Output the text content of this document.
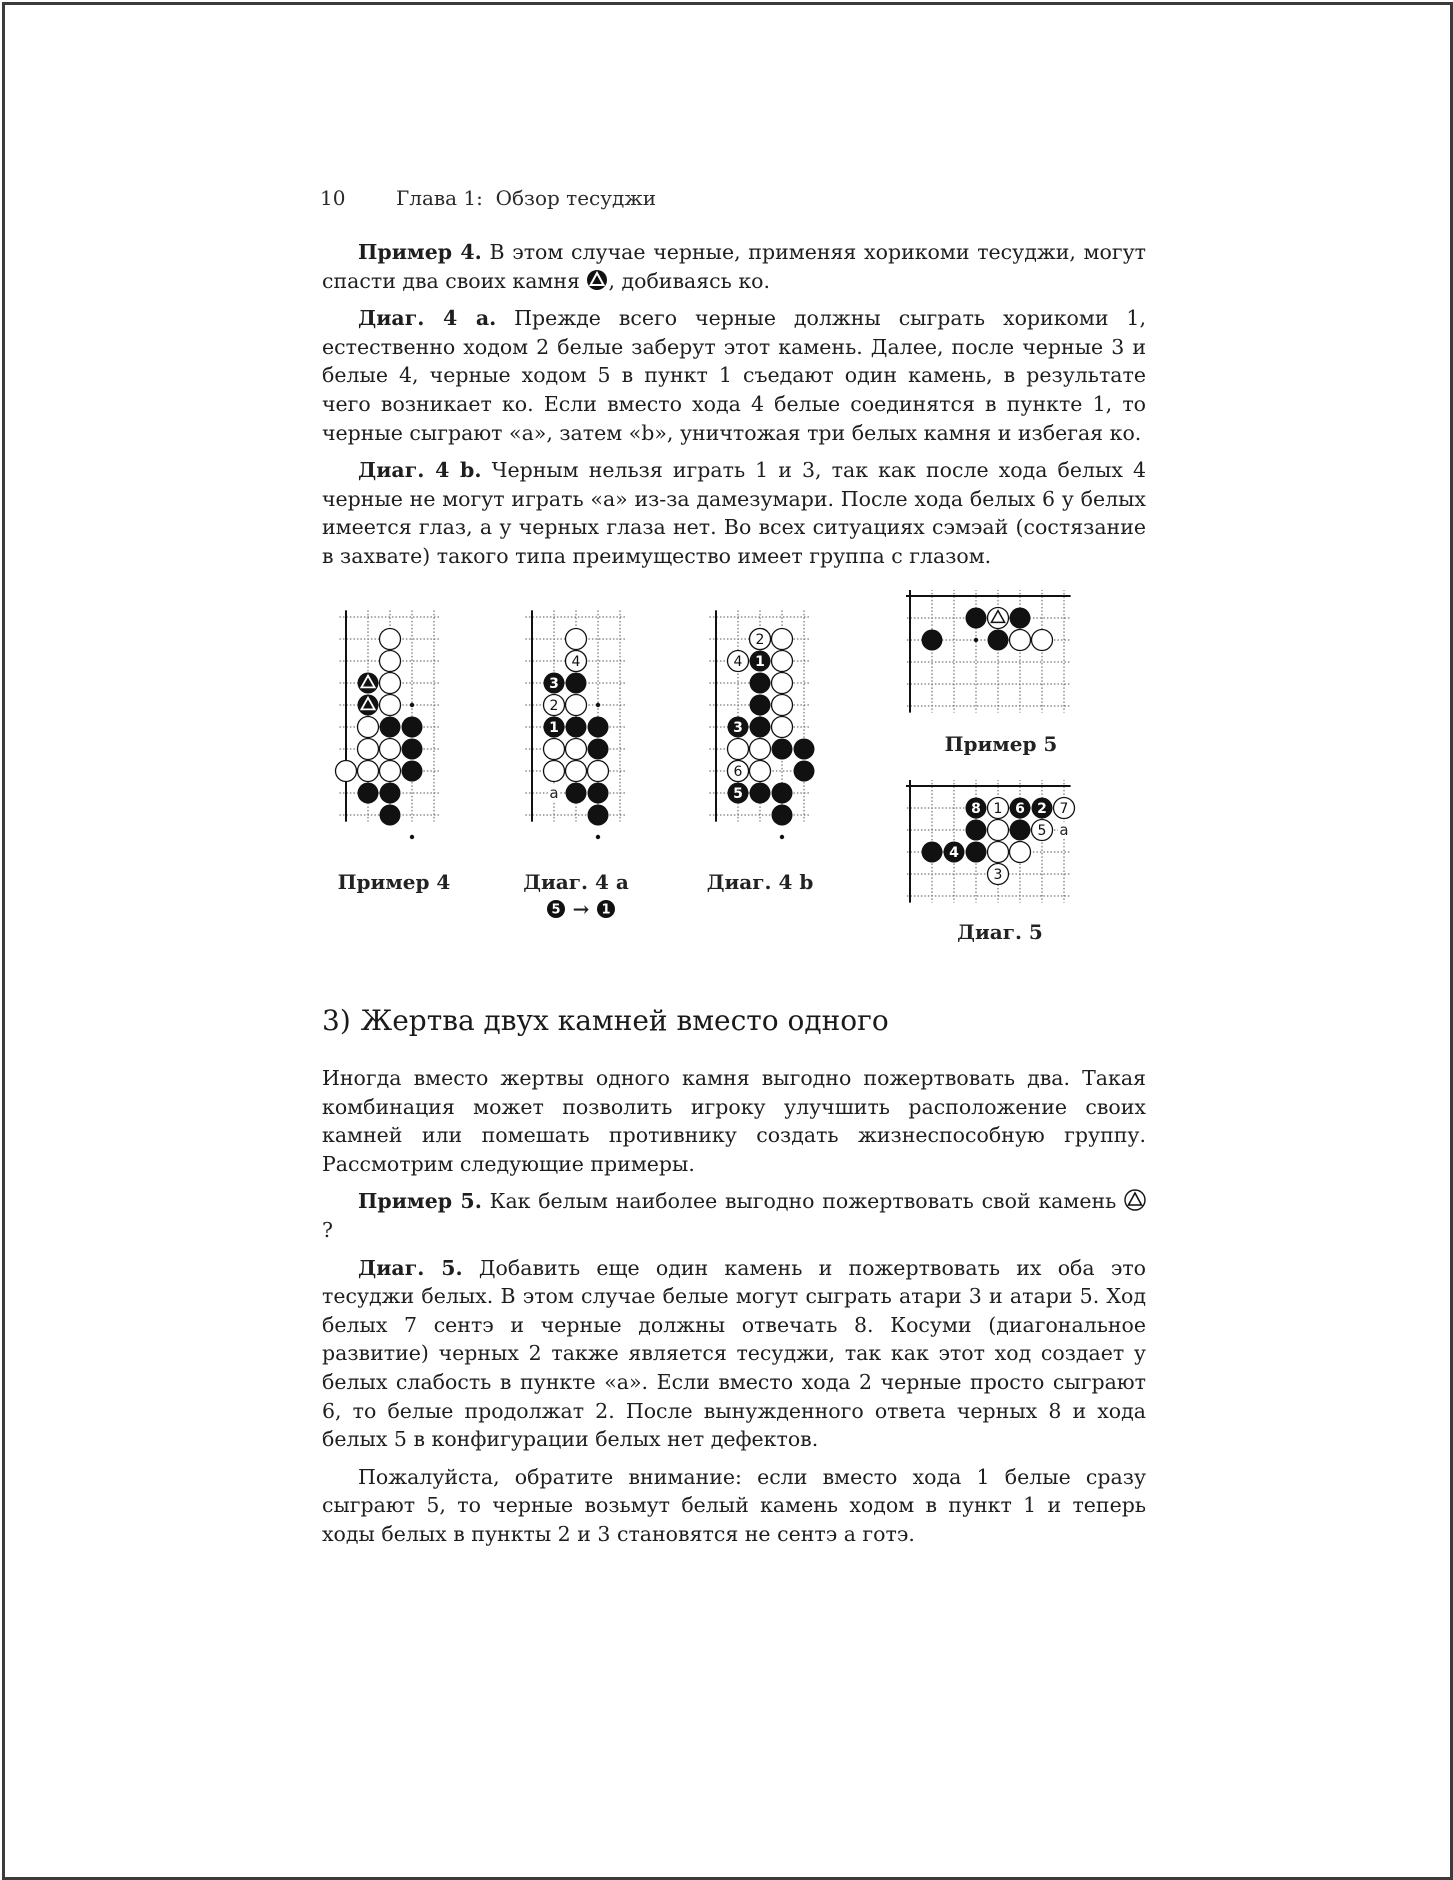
10	Глава 1: Обзор тесуджи

Пример 4. В этом случае черные, применяя хорикоми тесуджи, могут спасти два своих камня , добиваясь ко.

Диаг. 4 a. Прежде всего черные должны сыграть хорикоми 1, естественно ходом 2 белые заберут этот камень. Далее, после черные 3 и белые 4, черные ходом 5 в пункт 1 съедают один камень, в результате чего возникает ко. Если вместо хода 4 белые соединятся в пункте 1, то черные сыграют «a», затем «b», уничтожая три белых камня и избегая ко.

Диаг. 4 b. Черным нельзя играть 1 и 3, так как после хода белых 4 черные не могут играть «a» из-за дамезумари. После хода белых 6 у белых имеется глаз, а у черных глаза нет. Во всех ситуациях сэмэай (состязание в захвате) такого типа преимущество имеет группа с глазом.

a
4
2
3
1
2
4
6
1
3
5
a
1	7
5
3
8 6 2
4
Пример 4	Диаг. 4 a	Диаг. 4 b
Пример 5
Диаг. 5
5 → 1
3) Жертва двух камней вместо одного

Иногда вместо жертвы одного камня выгодно пожертвовать два. Такая комбинация может позволить игроку улучшить расположение своих камней или помешать противнику создать жизнеспособную группу. Рассмотрим следующие примеры.

Пример 5. Как белым наиболее выгодно пожертвовать свой камень ?

Диаг. 5. Добавить еще один камень и пожертвовать их оба это тесуджи белых. В этом случае белые могут сыграть атари 3 и атари 5. Ход белых 7 сентэ и черные должны отвечать 8. Косуми (диагональное развитие) черных 2 также является тесуджи, так как этот ход создает у белых слабость в пункте «a». Если вместо хода 2 черные просто сыграют 6, то белые продолжат 2. После вынужденного ответа черных 8 и хода белых 5 в конфигурации белых нет дефектов.

Пожалуйста, обратите внимание: если вместо хода 1 белые сразу сыграют 5, то черные возьмут белый камень ходом в пункт 1 и теперь ходы белых в пункты 2 и 3 становятся не сентэ а готэ.
